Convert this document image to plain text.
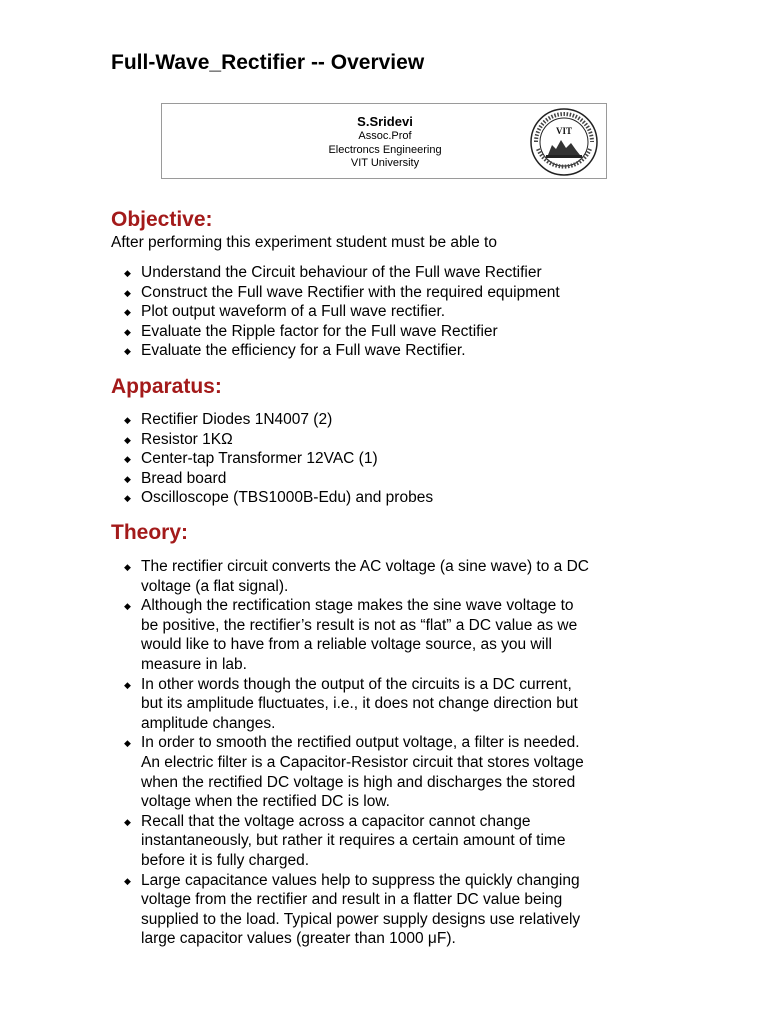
Full-Wave_Rectifier -- Overview
S.Sridevi
Assoc.Prof
Electroncs Engineering
VIT University
VIT
Objective:

After performing this experiment student must be able to

◆ Understand the Circuit behaviour of the Full wave Rectifier
◆ Construct the Full wave Rectifier with the required equipment
◆ Plot output waveform of a Full wave rectifier.
◆ Evaluate the Ripple factor for the Full wave Rectifier
◆ Evaluate the efficiency for a Full wave Rectifier.
Apparatus:
◆ Rectifier Diodes 1N4007 (2)
◆ Resistor 1KΩ
◆ Center-tap Transformer 12VAC (1)
◆ Bread board
◆ Oscilloscope (TBS1000B-Edu) and probes
Theory:
◆ The rectifier circuit converts the AC voltage (a sine wave) to a DC
voltage (a flat signal).
◆ Although the rectification stage makes the sine wave voltage to
be positive, the rectifier’s result is not as “flat” a DC value as we
would like to have from a reliable voltage source, as you will
measure in lab.
◆ In other words though the output of the circuits is a DC current,
but its amplitude fluctuates, i.e., it does not change direction but
amplitude changes.
◆ In order to smooth the rectified output voltage, a filter is needed.
An electric filter is a Capacitor-Resistor circuit that stores voltage
when the rectified DC voltage is high and discharges the stored
voltage when the rectified DC is low.
◆ Recall that the voltage across a capacitor cannot change
instantaneously, but rather it requires a certain amount of time
before it is fully charged.
◆ Large capacitance values help to suppress the quickly changing
voltage from the rectifier and result in a flatter DC value being
supplied to the load. Typical power supply designs use relatively
large capacitor values (greater than 1000 μF).
